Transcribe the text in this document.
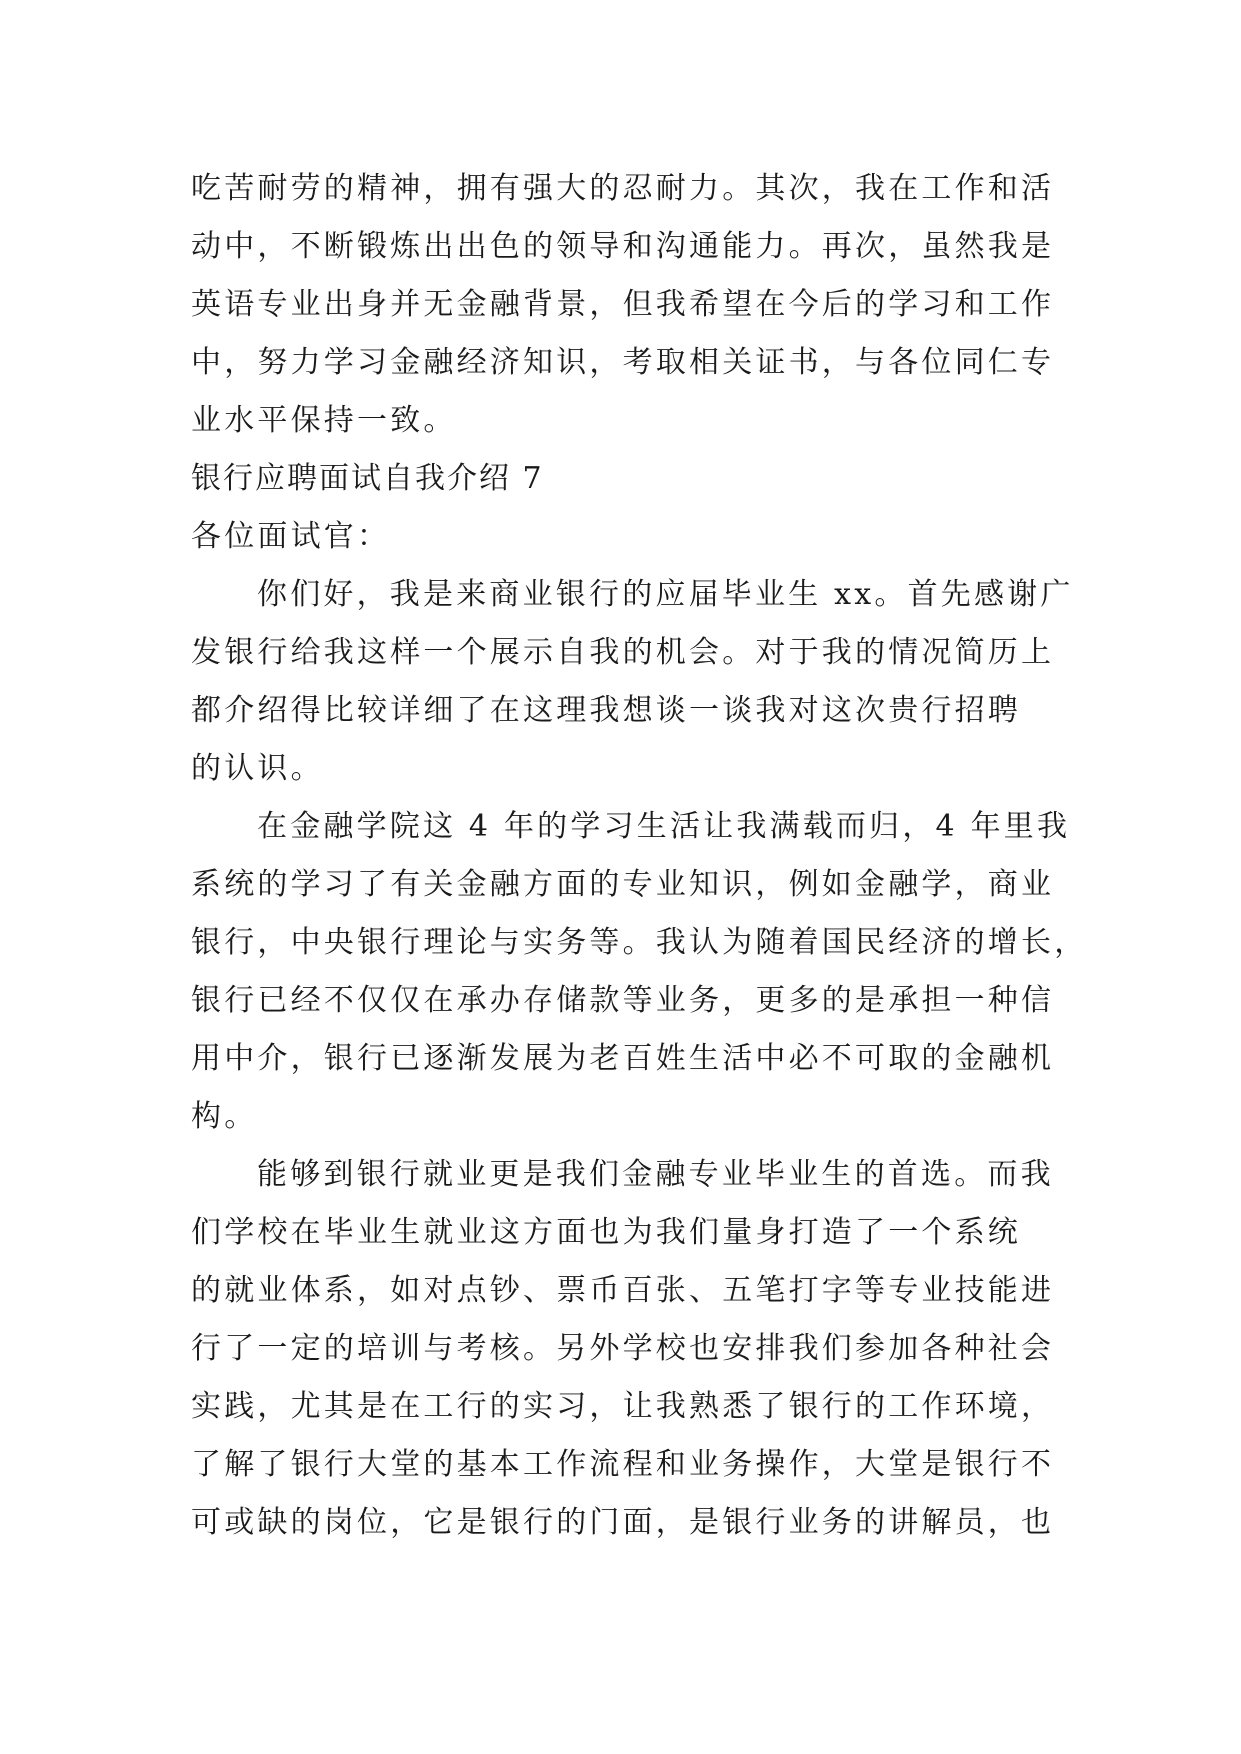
吃苦耐劳的精神，拥有强大的忍耐力。其次，我在工作和活
动中，不断锻炼出出色的领导和沟通能力。再次，虽然我是
英语专业出身并无金融背景，但我希望在今后的学习和工作
中，努力学习金融经济知识，考取相关证书，与各位同仁专
业水平保持一致。
银行应聘面试自我介绍 7
各位面试官：
你们好，我是来商业银行的应届毕业生 xx。首先感谢广
发银行给我这样一个展示自我的机会。对于我的情况简历上
都介绍得比较详细了在这理我想谈一谈我对这次贵行招聘
的认识。
在金融学院这 4 年的学习生活让我满载而归，4 年里我
系统的学习了有关金融方面的专业知识，例如金融学，商业
银行，中央银行理论与实务等。我认为随着国民经济的增长，
银行已经不仅仅在承办存储款等业务，更多的是承担一种信
用中介，银行已逐渐发展为老百姓生活中必不可取的金融机
构。
能够到银行就业更是我们金融专业毕业生的首选。而我
们学校在毕业生就业这方面也为我们量身打造了一个系统
的就业体系，如对点钞、票币百张、五笔打字等专业技能进
行了一定的培训与考核。另外学校也安排我们参加各种社会
实践，尤其是在工行的实习，让我熟悉了银行的工作环境，
了解了银行大堂的基本工作流程和业务操作，大堂是银行不
可或缺的岗位，它是银行的门面，是银行业务的讲解员，也
